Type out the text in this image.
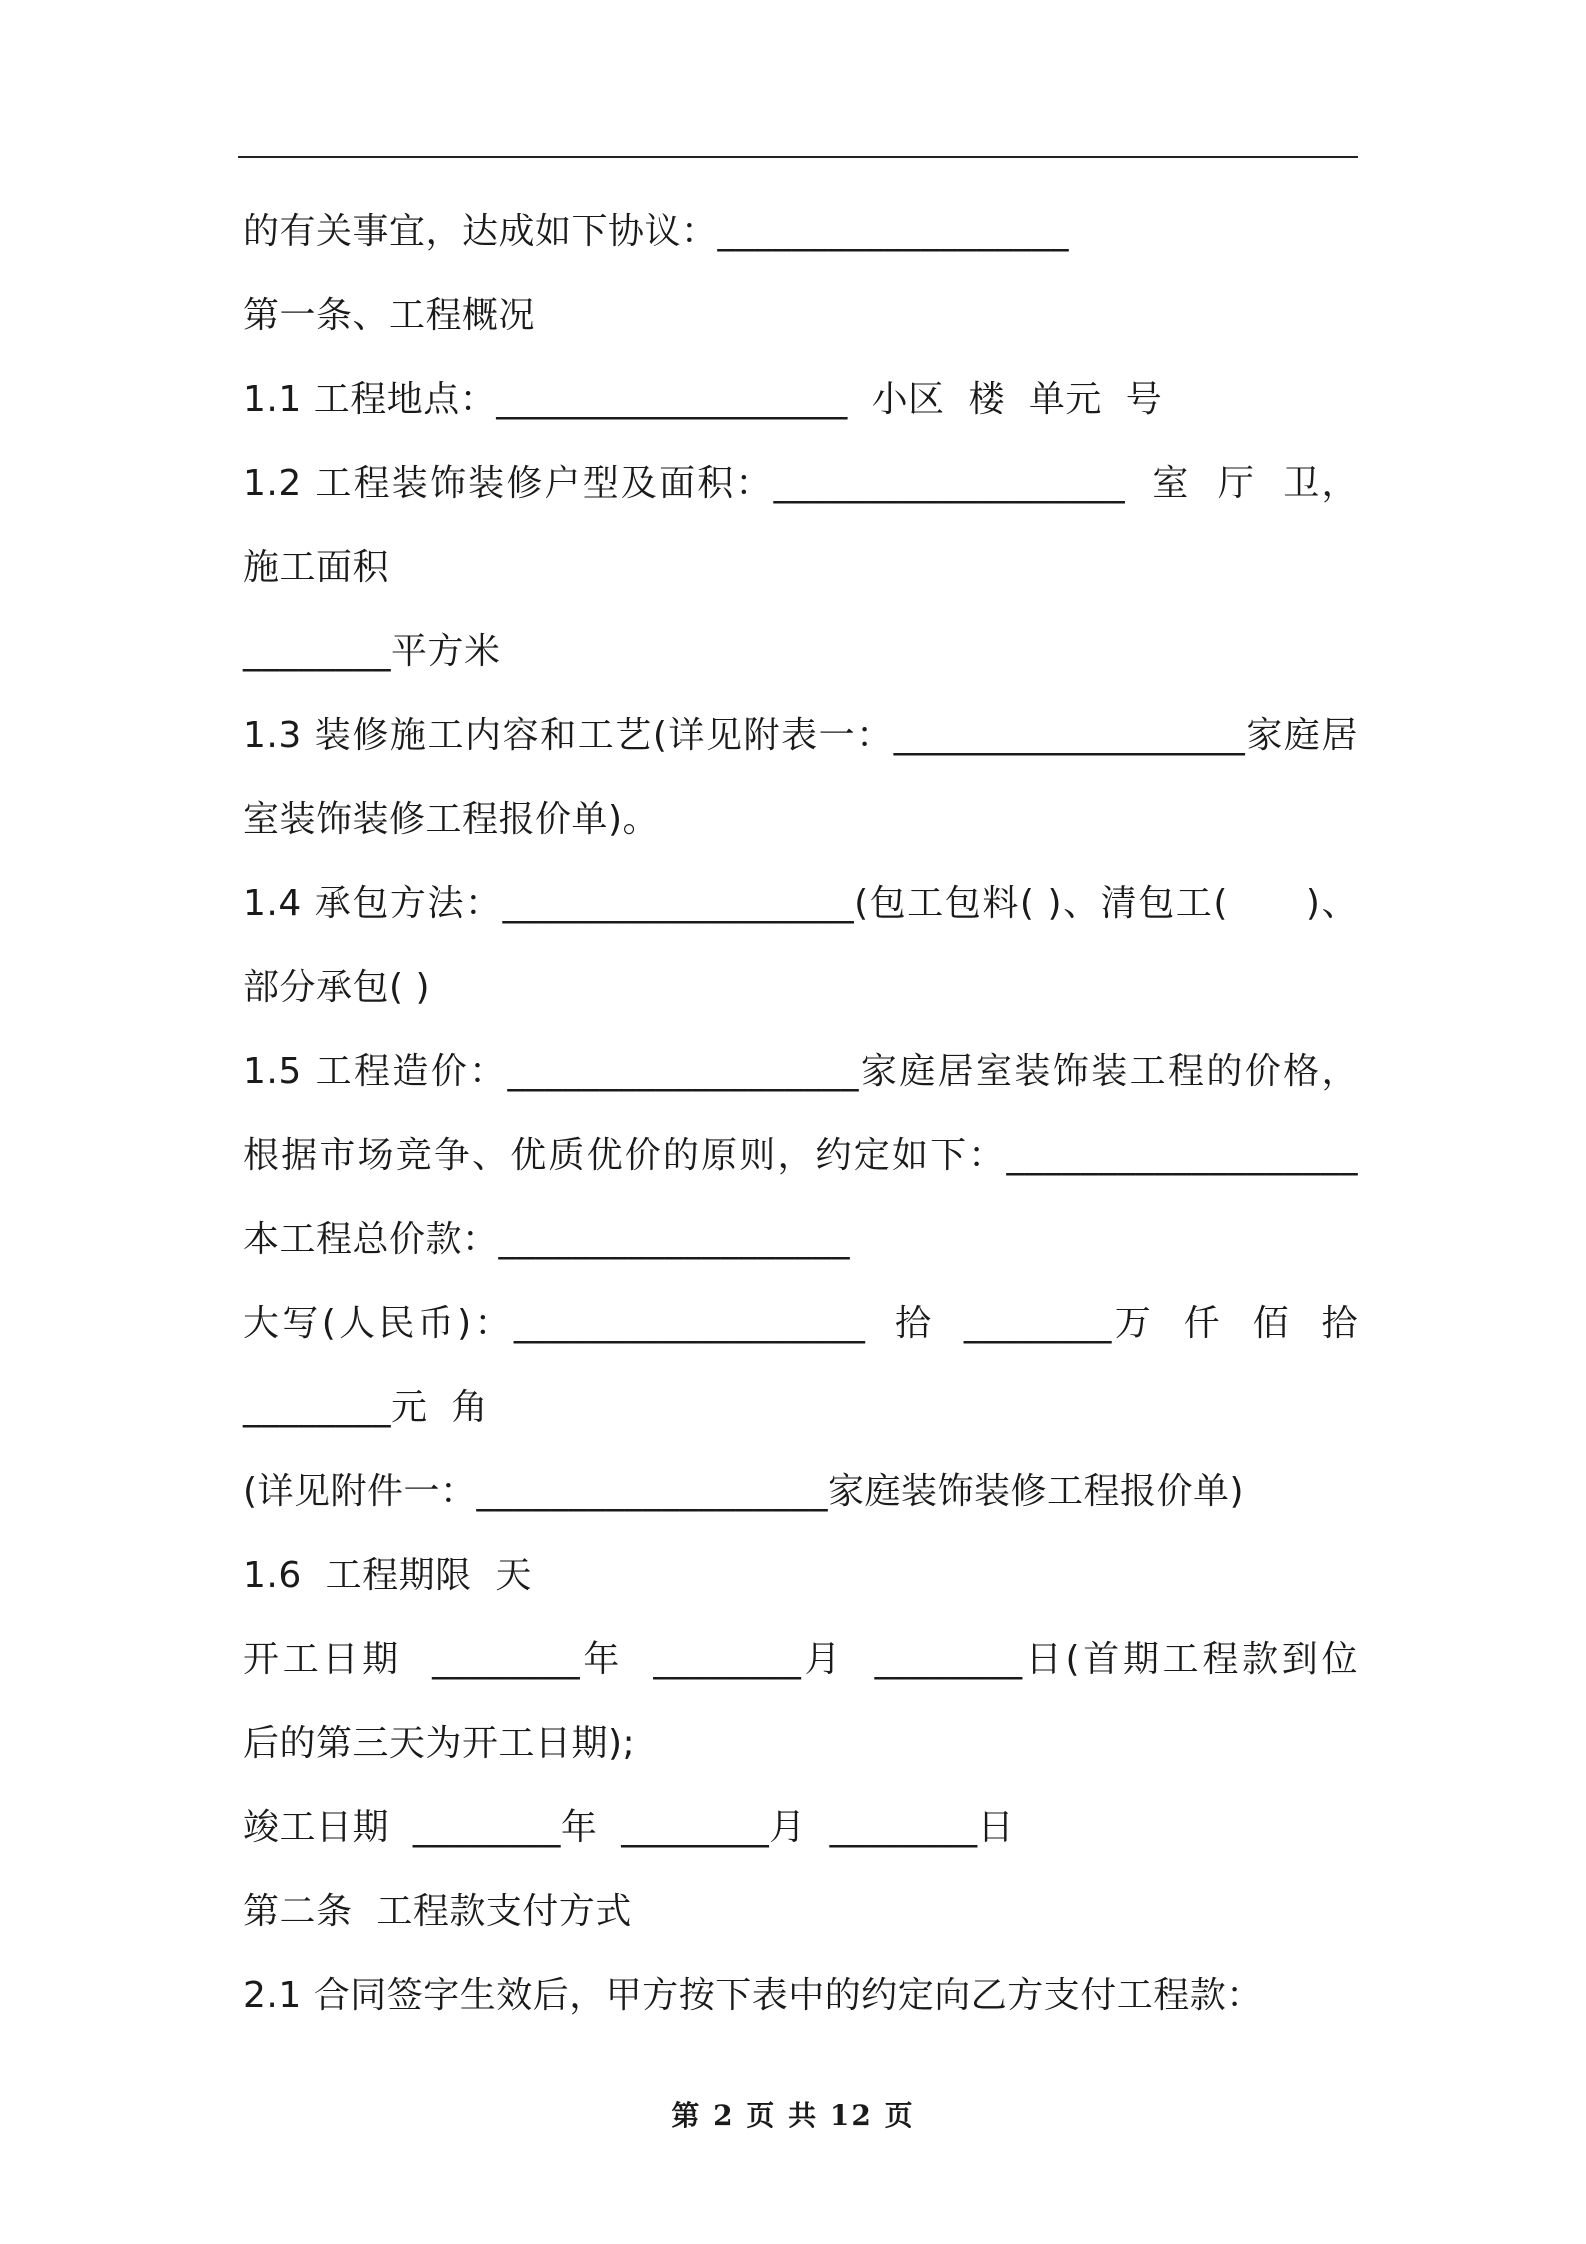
的有关事宜，达成如下协议：___________________
第一条、工程概况
1.1 工程地点：___________________  小区  楼  单元  号
1.2 工程装饰装修户型及面积：___________________  室  厅  卫，
施工面积
________平方米
1.3 装修施工内容和工艺(详见附表一：___________________家庭居
室装饰装修工程报价单)。
1.4 承包方法：___________________(包工包料( )、清包工(      )、
部分承包( )
1.5 工程造价：___________________家庭居室装饰装工程的价格，
根据市场竞争、优质优价的原则，约定如下：___________________
本工程总价款：___________________
大写(人民币)：___________________  拾  ________万  仟  佰  拾
________元  角
(详见附件一：___________________家庭装饰装修工程报价单)
1.6  工程期限  天
开工日期  ________年  ________月  ________日(首期工程款到位
后的第三天为开工日期);
竣工日期  ________年  ________月  ________日
第二条  工程款支付方式
2.1 合同签字生效后，甲方按下表中的约定向乙方支付工程款：
第 2 页 共 12 页
